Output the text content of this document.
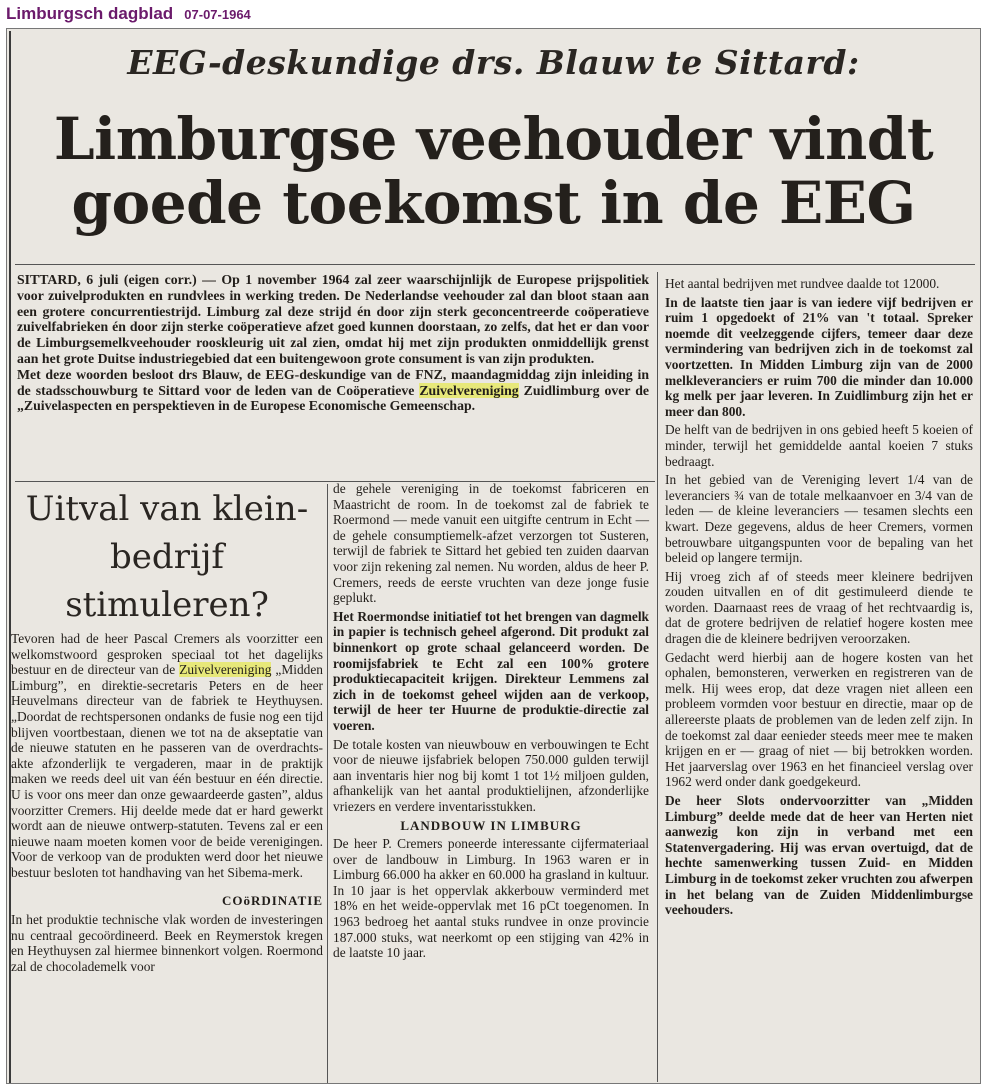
Limburgsch dagblad 07-07-1964
EEG-deskundige drs. Blauw te Sittard:
Limburgse veehouder vindt
goede toekomst in de EEG

SITTARD, 6 juli (eigen corr.) — Op 1 november 1964 zal zeer waarschijnlijk de Europese prijspolitiek voor zuivelprodukten en rundvlees in werking treden. De Nederlandse veehouder zal dan bloot staan aan een grotere concurrentiestrijd. Limburg zal deze strijd én door zijn sterk geconcentreerde coöperatieve zuivelfabrieken én door zijn sterke coöperatieve afzet goed kunnen doorstaan, zo zelfs, dat het er dan voor de Limburgsemelkveehouder rooskleurig uit zal zien, omdat hij met zijn produkten onmiddellijk grenst aan het grote Duitse industriegebied dat een buitengewoon grote consument is van zijn produkten.

Met deze woorden besloot drs Blauw, de EEG-deskundige van de FNZ, maandagmiddag zijn inleiding in de stadsschouwburg te Sittard voor de leden van de Coöperatieve Zuivelvereniging Zuidlimburg over de „Zuivelaspecten en perspektieven in de Europese Economische Gemeenschap.

Uitval van klein-bedrijf stimuleren?

Tevoren had de heer Pascal Cremers als voorzitter een welkomstwoord gesproken speciaal tot het dagelijks bestuur en de directeur van de Zuivelvereniging „Midden Limburg”, en direktie-secretaris Peters en de heer Heuvelmans directeur van de fabriek te Heythuysen. „Doordat de rechtspersonen ondanks de fusie nog een tijd blijven voortbestaan, dienen we tot na de akseptatie van de nieuwe statuten en he passeren van de overdrachts-akte afzonderlijk te vergaderen, maar in de praktijk maken we reeds deel uit van één bestuur en één directie. U is voor ons meer dan onze gewaardeerde gasten”, aldus voorzitter Cremers. Hij deelde mede dat er hard gewerkt wordt aan de nieuwe ontwerp-statuten. Tevens zal er een nieuwe naam moeten komen voor de beide verenigingen. Voor de verkoop van de produkten werd door het nieuwe bestuur besloten tot handhaving van het Sibema-merk.

COöRDINATIE

In het produktie technische vlak worden de investeringen nu centraal gecoördineerd. Beek en Reymerstok kregen en Heythuysen zal hiermee binnenkort volgen. Roermond zal de chocolademelk voor

de gehele vereniging in de toekomst fabriceren en Maastricht de room. In de toekomst zal de fabriek te Roermond — mede vanuit een uitgifte centrum in Echt — de gehele consumptiemelk-afzet verzorgen tot Susteren, terwijl de fabriek te Sittard het gebied ten zuiden daarvan voor zijn rekening zal nemen. Nu worden, aldus de heer P. Cremers, reeds de eerste vruchten van deze jonge fusie geplukt.

Het Roermondse initiatief tot het brengen van dagmelk in papier is technisch geheel afgerond. Dit produkt zal binnenkort op grote schaal gelanceerd worden. De roomijsfabriek te Echt zal een 100% grotere produktiecapaciteit krijgen. Direkteur Lemmens zal zich in de toekomst geheel wijden aan de verkoop, terwijl de heer ter Huurne de produktie-directie zal voeren.

De totale kosten van nieuwbouw en verbouwingen te Echt voor de nieuwe ijsfabriek belopen 750.000 gulden terwijl aan inventaris hier nog bij komt 1 tot 1½ miljoen gulden, afhankelijk van het aantal produktielijnen, afzonderlijke vriezers en verdere inventarisstukken.

LANDBOUW IN LIMBURG

De heer P. Cremers poneerde interessante cijfermateriaal over de landbouw in Limburg. In 1963 waren er in Limburg 66.000 ha akker en 60.000 ha grasland in kultuur. In 10 jaar is het oppervlak akkerbouw verminderd met 18% en het weide-oppervlak met 16 pCt toegenomen. In 1963 bedroeg het aantal stuks rundvee in onze provincie 187.000 stuks, wat neerkomt op een stijging van 42% in de laatste 10 jaar.

Het aantal bedrijven met rundvee daalde tot 12000.

In de laatste tien jaar is van iedere vijf bedrijven er ruim 1 opgedoekt of 21% van 't totaal. Spreker noemde dit veelzeggende cijfers, temeer daar deze vermindering van bedrijven zich in de toekomst zal voortzetten. In Midden Limburg zijn van de 2000 melkleveranciers er ruim 700 die minder dan 10.000 kg melk per jaar leveren. In Zuidlimburg zijn het er meer dan 800.

De helft van de bedrijven in ons gebied heeft 5 koeien of minder, terwijl het gemiddelde aantal koeien 7 stuks bedraagt.

In het gebied van de Vereniging levert 1/4 van de leveranciers ¾ van de totale melkaanvoer en 3/4 van de leden — de kleine leveranciers — tesamen slechts een kwart. Deze gegevens, aldus de heer Cremers, vormen betrouwbare uitgangspunten voor de bepaling van het beleid op langere termijn.

Hij vroeg zich af of steeds meer kleinere bedrijven zouden uitvallen en of dit gestimuleerd diende te worden. Daarnaast rees de vraag of het rechtvaardig is, dat de grotere bedrijven de relatief hogere kosten mee dragen die de kleinere bedrijven veroorzaken.

Gedacht werd hierbij aan de hogere kosten van het ophalen, bemonsteren, verwerken en registreren van de melk. Hij wees erop, dat deze vragen niet alleen een probleem vormden voor bestuur en directie, maar op de allereerste plaats de problemen van de leden zelf zijn. In de toekomst zal daar eenieder steeds meer mee te maken krijgen en er — graag of niet — bij betrokken worden. Het jaarverslag over 1963 en het financieel verslag over 1962 werd onder dank goedgekeurd.

De heer Slots ondervoorzitter van „Midden Limburg” deelde mede dat de heer van Herten niet aanwezig kon zijn in verband met een Statenvergadering. Hij was ervan overtuigd, dat de hechte samenwerking tussen Zuid- en Midden Limburg in de toekomst zeker vruchten zou afwerpen in het belang van de Zuiden Middenlimburgse veehouders.
